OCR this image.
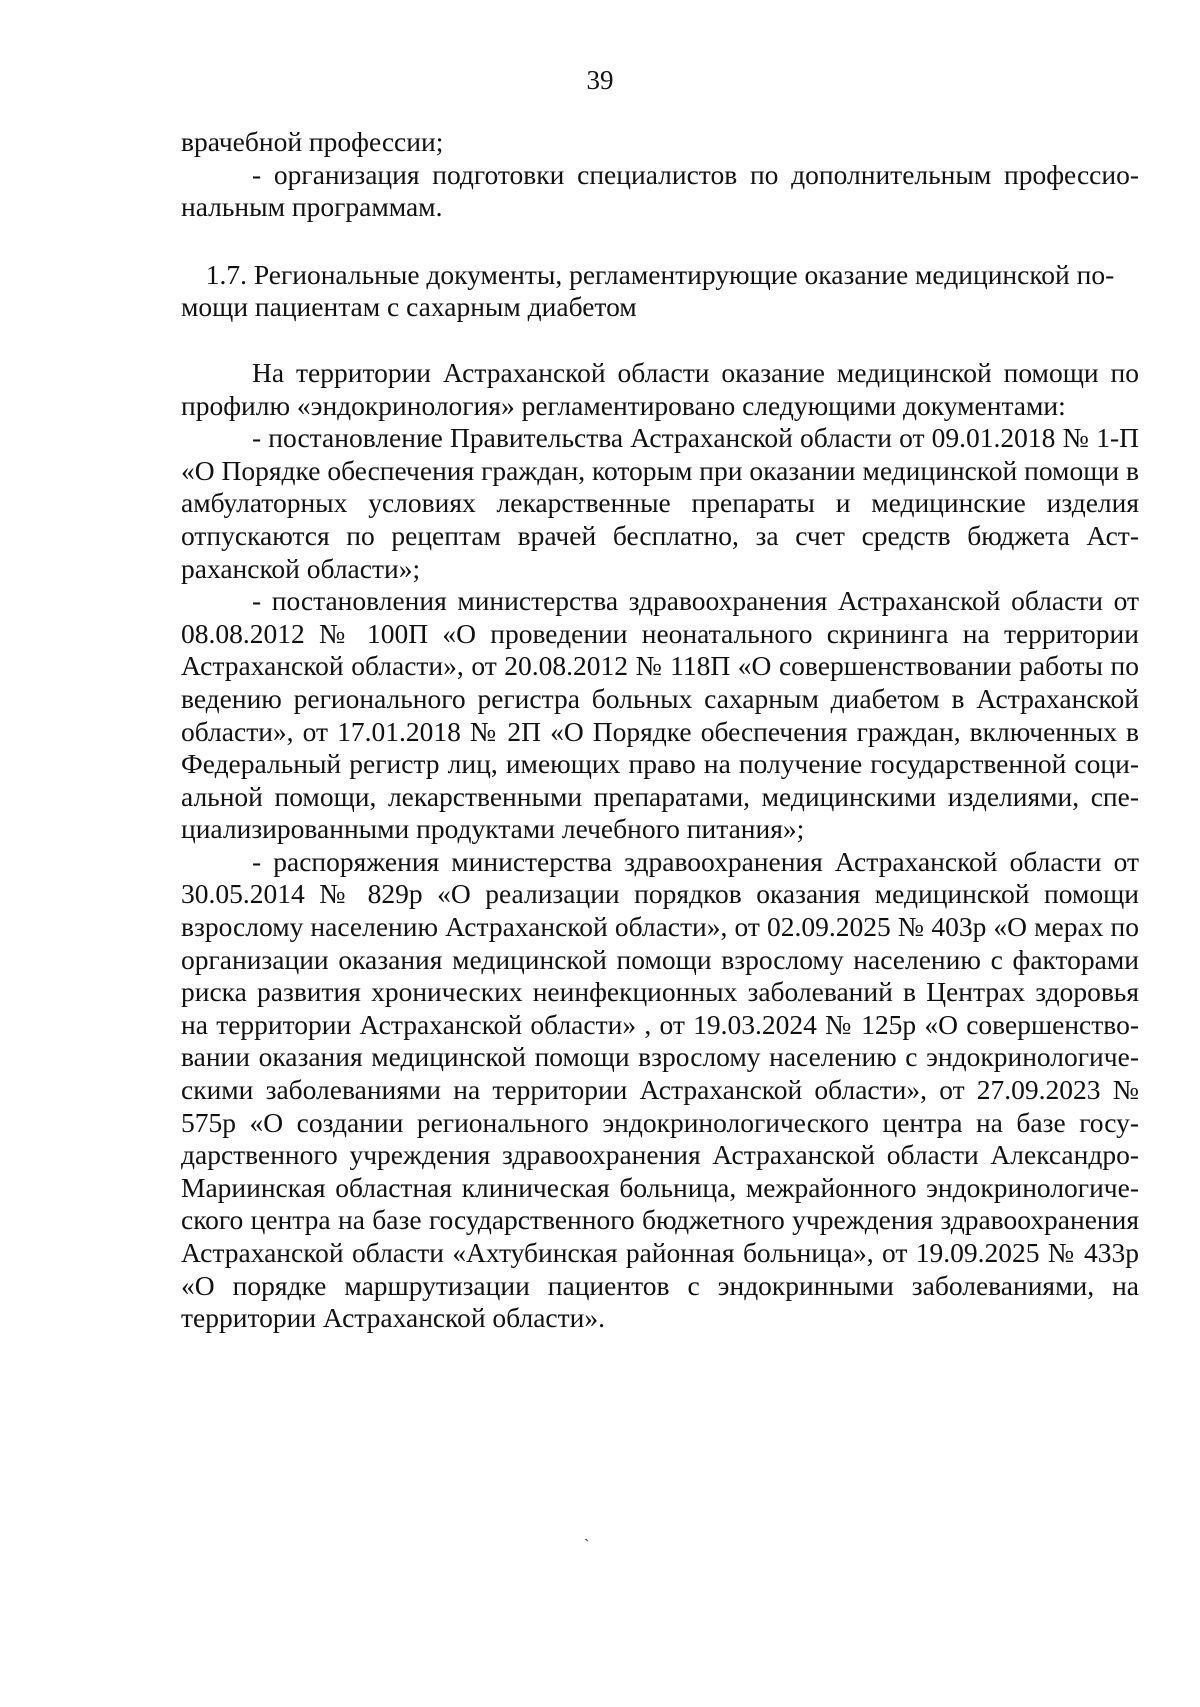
39

врачебной профессии;

- организация подготовки специалистов по дополнительным профессиональным программам.

1.7. Региональные документы, регламентирующие оказание медицинской помощи пациентам с сахарным диабетом

На территории Астраханской области оказание медицинской помощи по профилю «эндокринология» регламентировано следующими документами:

- постановление Правительства Астраханской области от 09.01.2018 № 1-П «О Порядке обеспечения граждан, которым при оказании медицинской помощи в амбулаторных условиях лекарственные препараты и медицинские изделия отпускаются по рецептам врачей бесплатно, за счет средств бюджета Астраханской области»;

- постановления министерства здравоохранения Астраханской области от 08.08.2012 № 100П «О проведении неонатального скрининга на территории Астраханской области», от 20.08.2012 № 118П «О совершенствовании работы по ведению регионального регистра больных сахарным диабетом в Астраханской области», от 17.01.2018 № 2П «О Порядке обеспечения граждан, включенных в Федеральный регистр лиц, имеющих право на получение государственной социальной помощи, лекарственными препаратами, медицинскими изделиями, специализированными продуктами лечебного питания»;

- распоряжения министерства здравоохранения Астраханской области от 30.05.2014 № 829р «О реализации порядков оказания медицинской помощи взрослому населению Астраханской области», от 02.09.2025 № 403р «О мерах по организации оказания медицинской помощи взрослому населению с факторами риска развития хронических неинфекционных заболеваний в Центрах здоровья на территории Астраханской области» , от 19.03.2024 № 125р «О совершенствовании оказания медицинской помощи взрослому населению с эндокринологическими заболеваниями на территории Астраханской области», от 27.09.2023 № 575р «О создании регионального эндокринологического центра на базе государственного учреждения здравоохранения Астраханской области Александро-Мариинская областная клиническая больница, межрайонного эндокринологического центра на базе государственного бюджетного учреждения здравоохранения Астраханской области «Ахтубинская районная больница», от 19.09.2025 № 433р «О порядке маршрутизации пациентов с эндокринными заболеваниями, на территории Астраханской области».

`
